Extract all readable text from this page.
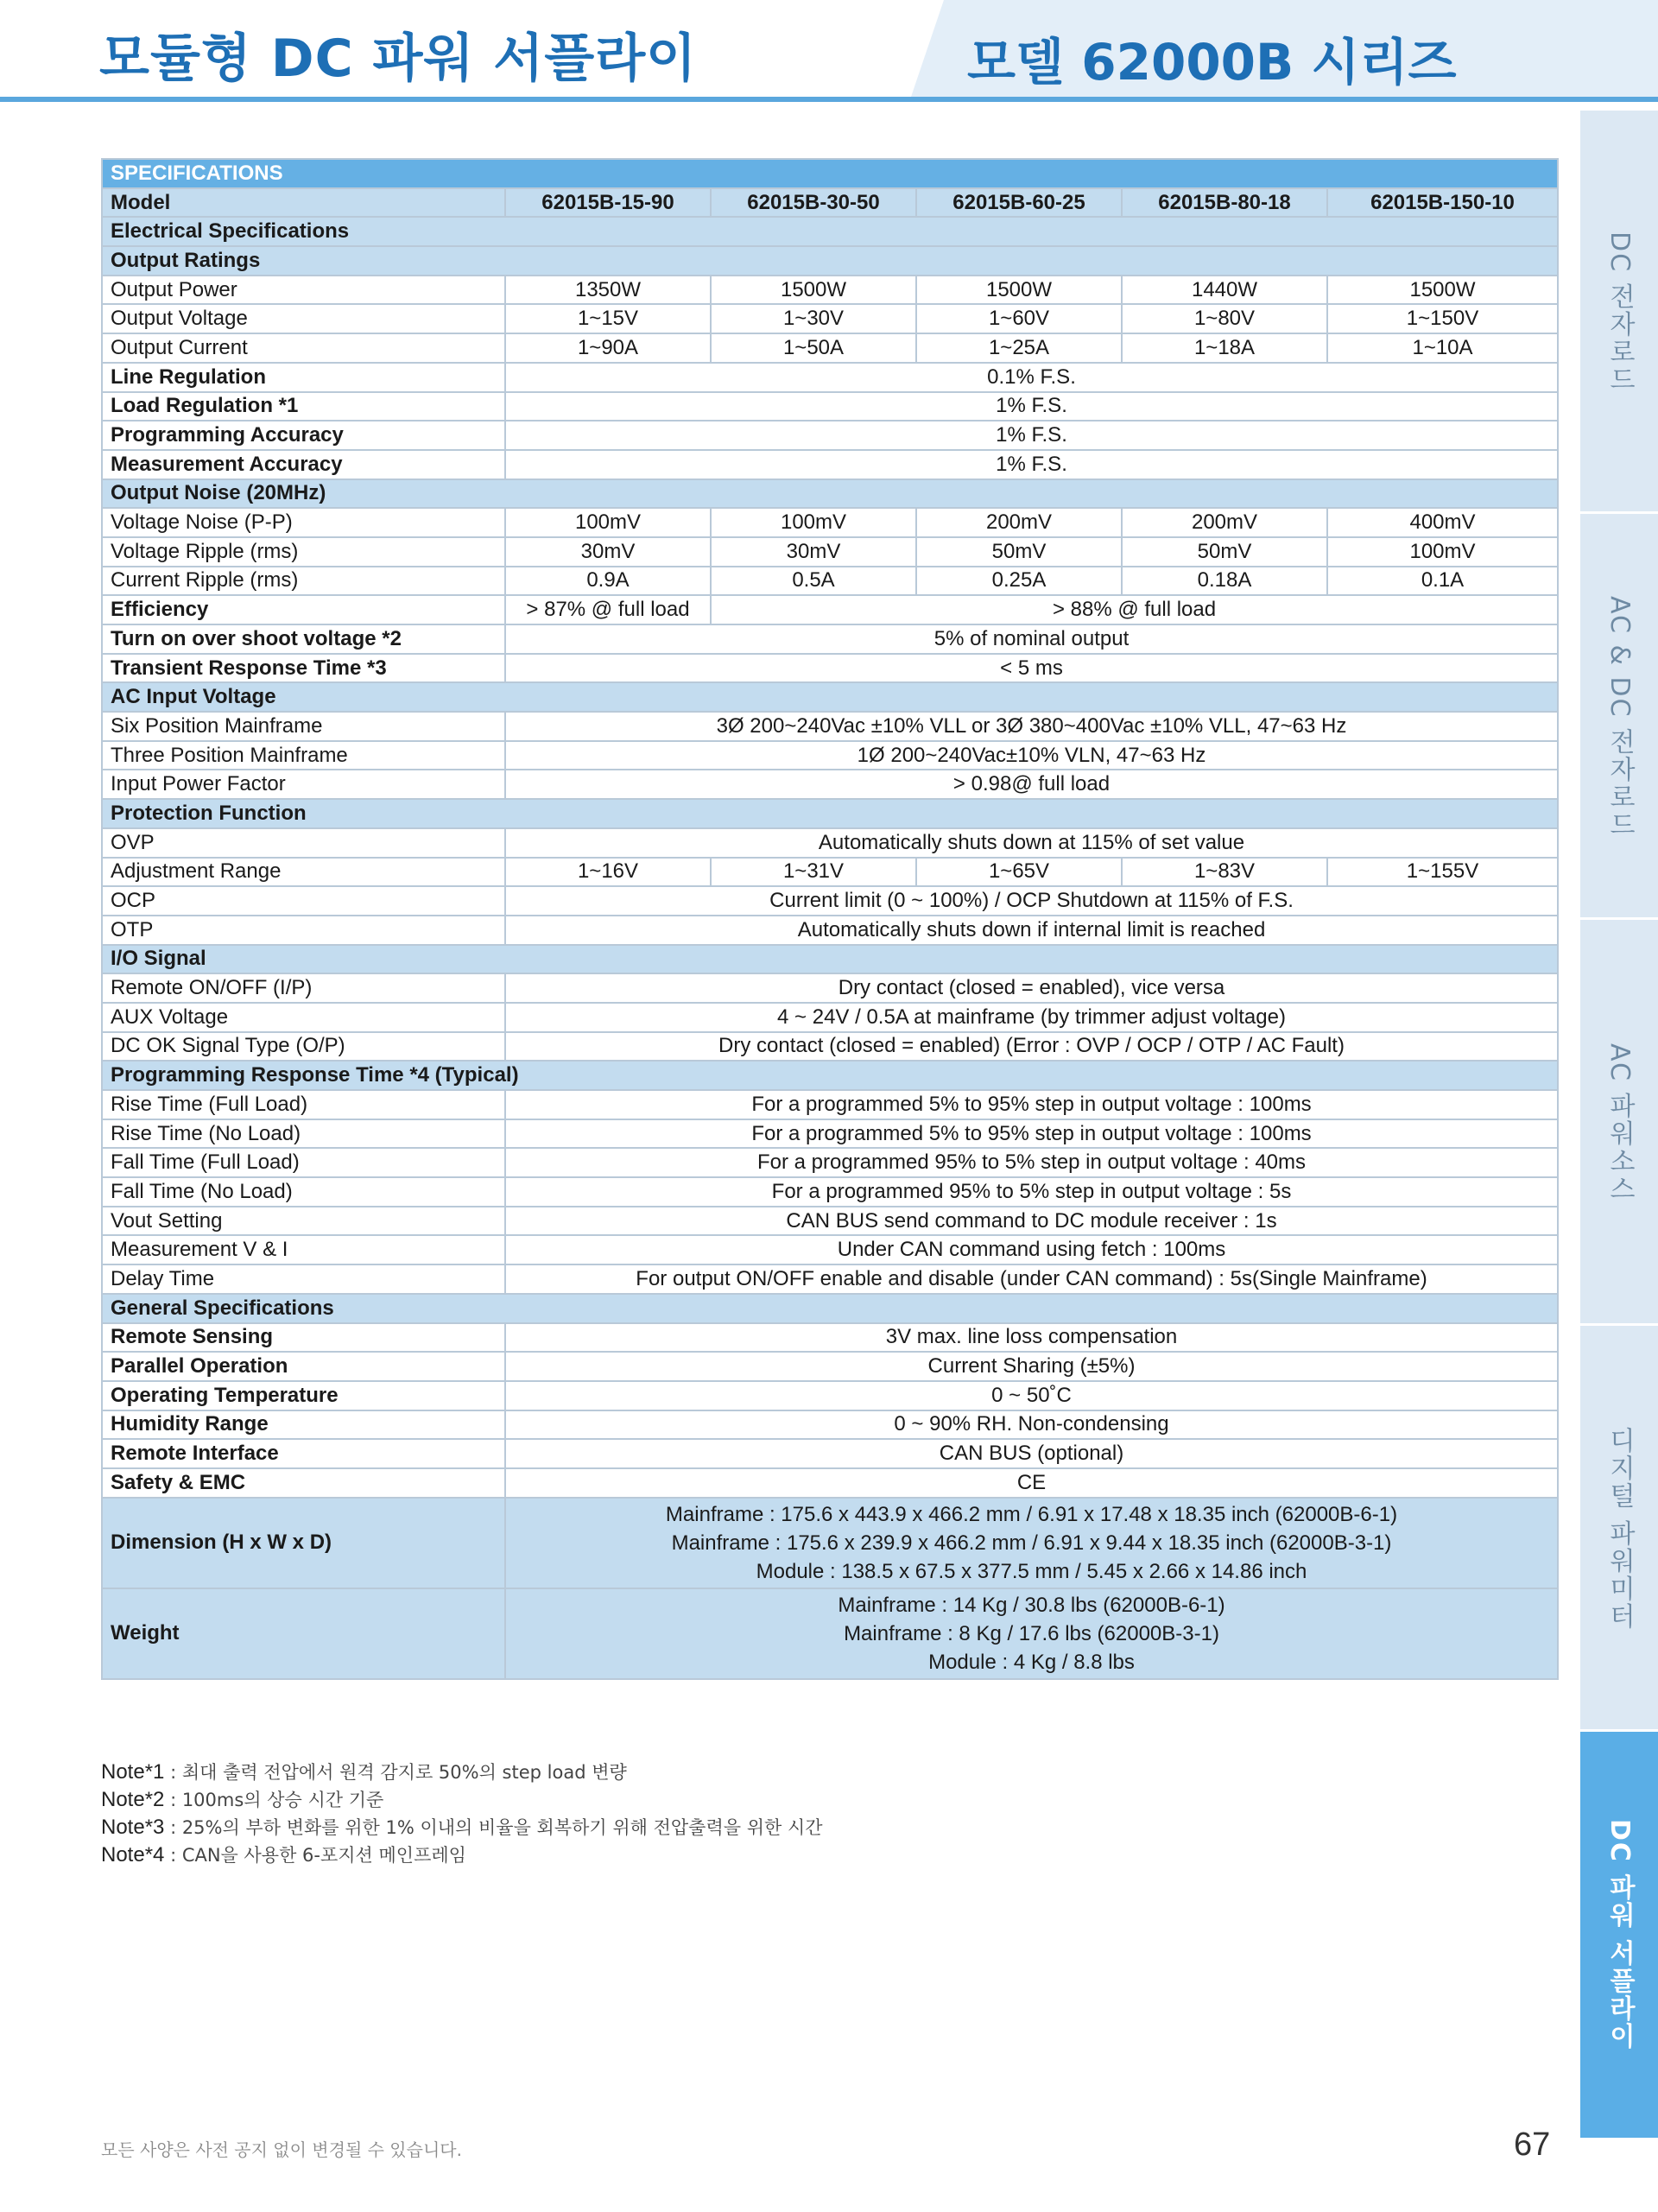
모듈형 DC 파워 서플라이	모델 62000B 시리즈
DC 전자로드
AC & DC 전자로드
AC 파워소스
디지털 파워미터
DC 파워 서플라이
SPECIFICATIONS					
Model	62015B-15-90	62015B-30-50	62015B-60-25	62015B-80-18	62015B-150-10
Electrical Specifications					
Output Ratings					
Output Power	1350W	1500W	1500W	1440W	1500W
Output Voltage	1~15V	1~30V	1~60V	1~80V	1~150V
Output Current	1~90A	1~50A	1~25A	1~18A	1~10A
Line Regulation	0.1% F.S.				
Load Regulation *1	1% F.S.				
Programming Accuracy	1% F.S.				
Measurement Accuracy	1% F.S.				
Output Noise (20MHz)					
Voltage Noise (P-P)	100mV	100mV	200mV	200mV	400mV
Voltage Ripple (rms)	30mV	30mV	50mV	50mV	100mV
Current Ripple (rms)	0.9A	0.5A	0.25A	0.18A	0.1A
Efficiency	> 87% @ full load	> 88% @ full load			
Turn on over shoot voltage *2	5% of nominal output				
Transient Response Time *3	< 5 ms				
AC Input Voltage					
Six Position Mainframe	3Ø 200~240Vac ±10% VLL or 3Ø 380~400Vac ±10% VLL, 47~63 Hz				
Three Position Mainframe	1Ø 200~240Vac±10% VLN, 47~63 Hz				
Input Power Factor	> 0.98@ full load				
Protection Function					
OVP	Automatically shuts down at 115% of set value				
Adjustment Range	1~16V	1~31V	1~65V	1~83V	1~155V
OCP	Current limit (0 ~ 100%) / OCP Shutdown at 115% of F.S.				
OTP	Automatically shuts down if internal limit is reached				
I/O Signal					
Remote ON/OFF (I/P)	Dry contact (closed = enabled), vice versa				
AUX Voltage	4 ~ 24V / 0.5A at mainframe (by trimmer adjust voltage)				
DC OK Signal Type (O/P)	Dry contact (closed = enabled) (Error : OVP / OCP / OTP / AC Fault)				
Programming Response Time *4 (Typical)					
Rise Time (Full Load)	For a programmed 5% to 95% step in output voltage : 100ms				
Rise Time (No Load)	For a programmed 5% to 95% step in output voltage : 100ms				
Fall Time (Full Load)	For a programmed 95% to 5% step in output voltage : 40ms				
Fall Time (No Load)	For a programmed 95% to 5% step in output voltage : 5s				
Vout Setting	CAN BUS send command to DC module receiver : 1s				
Measurement V & I	Under CAN command using fetch : 100ms				
Delay Time	For output ON/OFF enable and disable (under CAN command) : 5s(Single Mainframe)				
General Specifications					
Remote Sensing	3V max. line loss compensation				
Parallel Operation	Current Sharing (±5%)				
Operating Temperature	0 ~ 50˚C				
Humidity Range	0 ~ 90% RH. Non-condensing				
Remote Interface	CAN BUS (optional)				
Safety & EMC	CE				
Dimension (H x W x D)	Mainframe : 175.6 x 443.9 x 466.2 mm / 6.91 x 17.48 x 18.35 inch (62000B-6-1)
Mainframe : 175.6 x 239.9 x 466.2 mm / 6.91 x 9.44 x 18.35 inch (62000B-3-1)
Module : 138.5 x 67.5 x 377.5 mm / 5.45 x 2.66 x 14.86 inch				

Weight	Mainframe : 14 Kg / 30.8 lbs (62000B-6-1)
Mainframe : 8 Kg / 17.6 lbs (62000B-3-1)
Module : 4 Kg / 8.8 lbs				
Note*1 : 최대 출력 전압에서 원격 감지로 50%의 step load 변량
Note*2 : 100ms의 상승 시간 기준
Note*3 : 25%의 부하 변화를 위한 1% 이내의 비율을 회복하기 위해 전압출력을 위한 시간
Note*4 : CAN을 사용한 6-포지션 메인프레임
모든 사양은 사전 공지 없이 변경될 수 있습니다.	67
